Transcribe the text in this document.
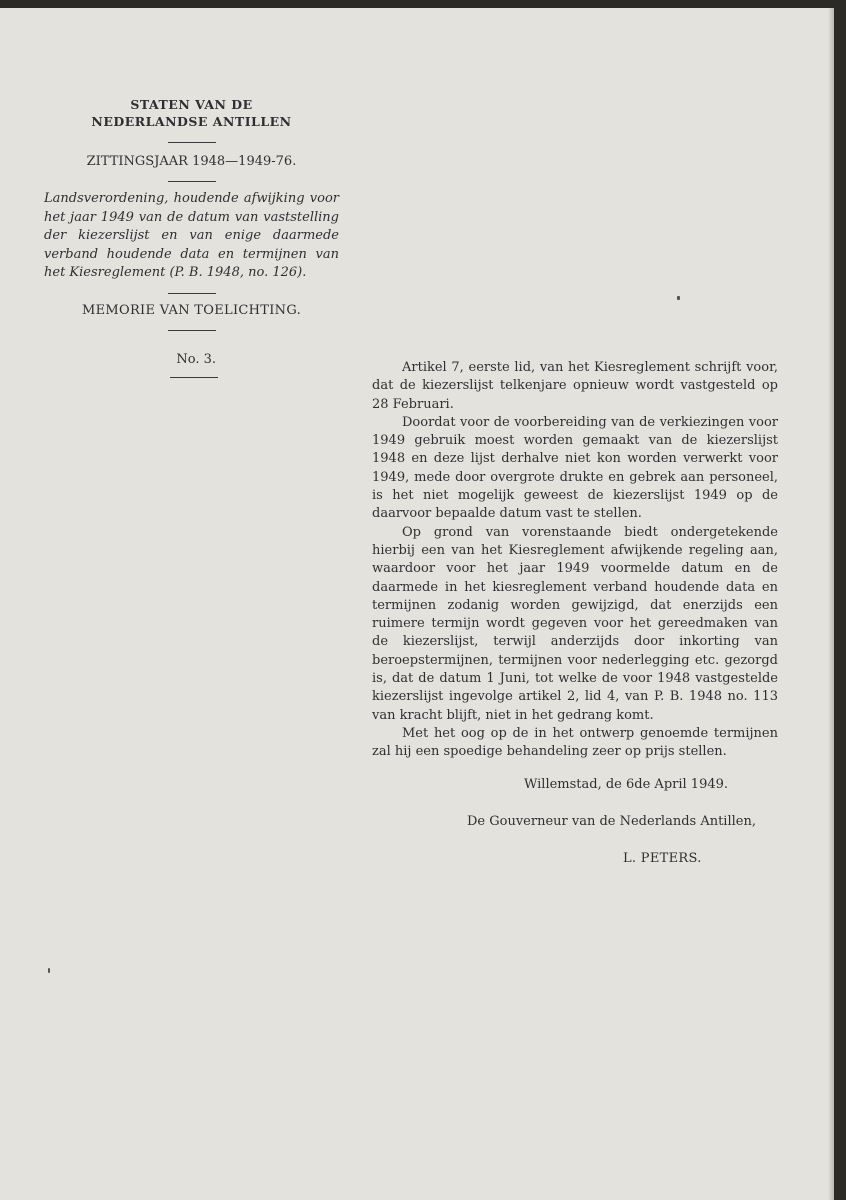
STATEN VAN DE

NEDERLANDSE ANTILLEN

ZITTINGSJAAR 1948—1949-76.

Landsverordening, houdende afwijking voor het jaar 1949 van de datum van vaststelling der kiezerslijst en van enige daarmede verband houdende data en termijnen van het Kiesreglement (P. B. 1948, no. 126).

MEMORIE VAN TOELICHTING.

No. 3.

Artikel 7, eerste lid, van het Kiesreglement schrijft voor, dat de kiezerslijst telkenjare opnieuw wordt vastgesteld op 28 Februari.

Doordat voor de voorbereiding van de verkiezingen voor 1949 gebruik moest worden gemaakt van de kiezerslijst 1948 en deze lijst derhalve niet kon worden verwerkt voor 1949, mede door overgrote drukte en gebrek aan personeel, is het niet mogelijk geweest de kiezerslijst 1949 op de daarvoor bepaalde datum vast te stellen.

Op grond van vorenstaande biedt ondergetekende hierbij een van het Kiesreglement afwijkende regeling aan, waardoor voor het jaar 1949 voormelde datum en de daarmede in het kiesreglement verband houdende data en termijnen zodanig worden gewijzigd, dat enerzijds een ruimere termijn wordt gegeven voor het gereedmaken van de kiezerslijst, terwijl anderzijds door inkorting van beroepstermijnen, termijnen voor nederlegging etc. gezorgd is, dat de datum 1 Juni, tot welke de voor 1948 vastgestelde kiezerslijst ingevolge artikel 2, lid 4, van P. B. 1948 no. 113 van kracht blijft, niet in het gedrang komt.

Met het oog op de in het ontwerp genoemde termijnen zal hij een spoedige behandeling zeer op prijs stellen.

Willemstad, de 6de April 1949.

De Gouverneur van de Nederlands Antillen,

L. PETERS.
